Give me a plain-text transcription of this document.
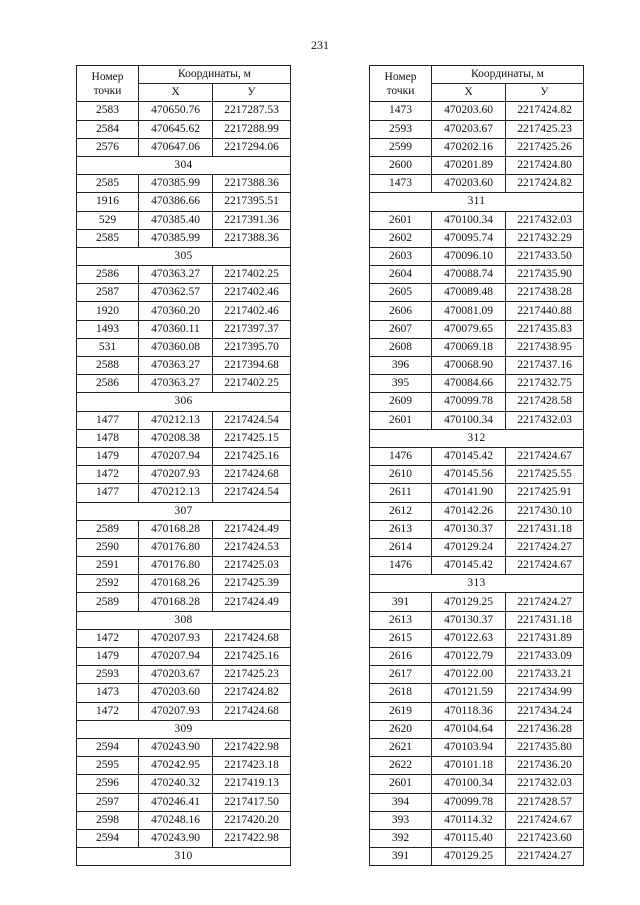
231
Номер точки	Координаты, м	
	X	У
2583	470650.76	2217287.53
2584	470645.62	2217288.99
2576	470647.06	2217294.06
304		
2585	470385.99	2217388.36
1916	470386.66	2217395.51
529	470385.40	2217391.36
2585	470385.99	2217388.36
305		
2586	470363.27	2217402.25
2587	470362.57	2217402.46
1920	470360.20	2217402.46
1493	470360.11	2217397.37
531	470360.08	2217395.70
2588	470363.27	2217394.68
2586	470363.27	2217402.25
306		
1477	470212.13	2217424.54
1478	470208.38	2217425.15
1479	470207.94	2217425.16
1472	470207.93	2217424.68
1477	470212.13	2217424.54
307		
2589	470168.28	2217424.49
2590	470176.80	2217424.53
2591	470176.80	2217425.03
2592	470168.26	2217425.39
2589	470168.28	2217424.49
308		
1472	470207.93	2217424.68
1479	470207.94	2217425.16
2593	470203.67	2217425.23
1473	470203.60	2217424.82
1472	470207.93	2217424.68
309		
2594	470243.90	2217422.98
2595	470242.95	2217423.18
2596	470240.32	2217419.13
2597	470246.41	2217417.50
2598	470248.16	2217420.20
2594	470243.90	2217422.98
310		
Номер точки	Координаты, м	
	X	У
1473	470203.60	2217424.82
2593	470203.67	2217425.23
2599	470202.16	2217425.26
2600	470201.89	2217424.80
1473	470203.60	2217424.82
311		
2601	470100.34	2217432.03
2602	470095.74	2217432.29
2603	470096.10	2217433.50
2604	470088.74	2217435.90
2605	470089.48	2217438.28
2606	470081.09	2217440.88
2607	470079.65	2217435.83
2608	470069.18	2217438.95
396	470068.90	2217437.16
395	470084.66	2217432.75
2609	470099.78	2217428.58
2601	470100.34	2217432.03
312		
1476	470145.42	2217424.67
2610	470145.56	2217425.55
2611	470141.90	2217425.91
2612	470142.26	2217430.10
2613	470130.37	2217431.18
2614	470129.24	2217424.27
1476	470145.42	2217424.67
313		
391	470129.25	2217424.27
2613	470130.37	2217431.18
2615	470122.63	2217431.89
2616	470122.79	2217433.09
2617	470122.00	2217433.21
2618	470121.59	2217434.99
2619	470118.36	2217434.24
2620	470104.64	2217436.28
2621	470103.94	2217435.80
2622	470101.18	2217436.20
2601	470100.34	2217432.03
394	470099.78	2217428.57
393	470114.32	2217424.67
392	470115.40	2217423.60
391	470129.25	2217424.27
